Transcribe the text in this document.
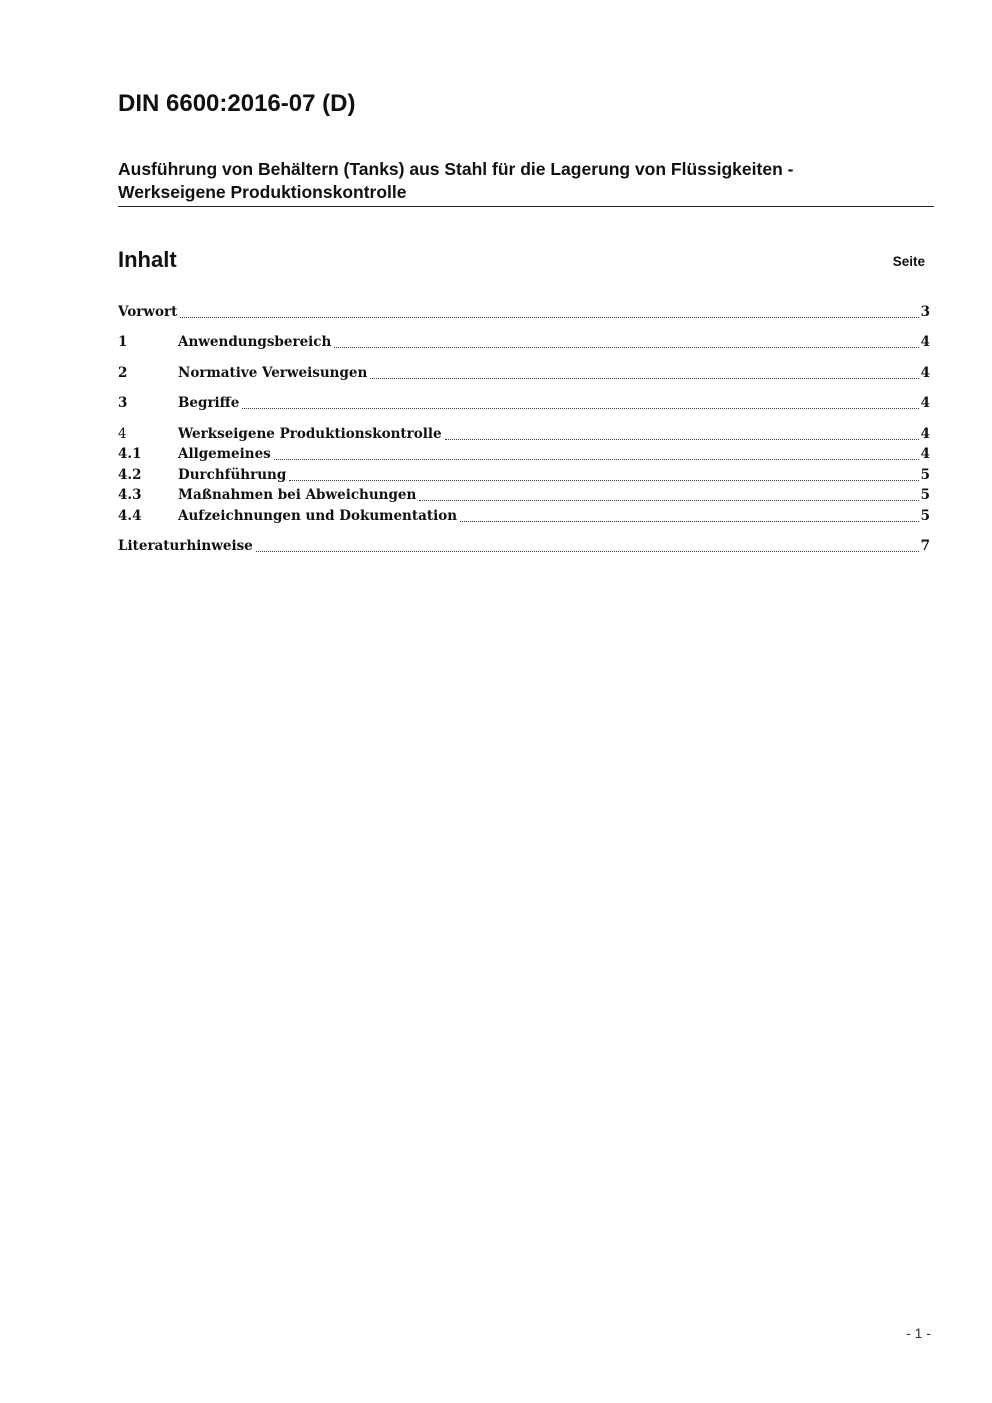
DIN 6600:2016-07 (D)
Ausführung von Behältern (Tanks) aus Stahl für die Lagerung von Flüssigkeiten -
Werkseigene Produktionskontrolle
Inhalt	Seite
Vorwort	3
1	Anwendungsbereich	4
2	Normative Verweisungen	4
3	Begriffe	4
4	Werkseigene Produktionskontrolle	4
4.1	Allgemeines	4
4.2	Durchführung	5
4.3	Maßnahmen bei Abweichungen	5
4.4	Aufzeichnungen und Dokumentation	5
Literaturhinweise	7
- 1 -
